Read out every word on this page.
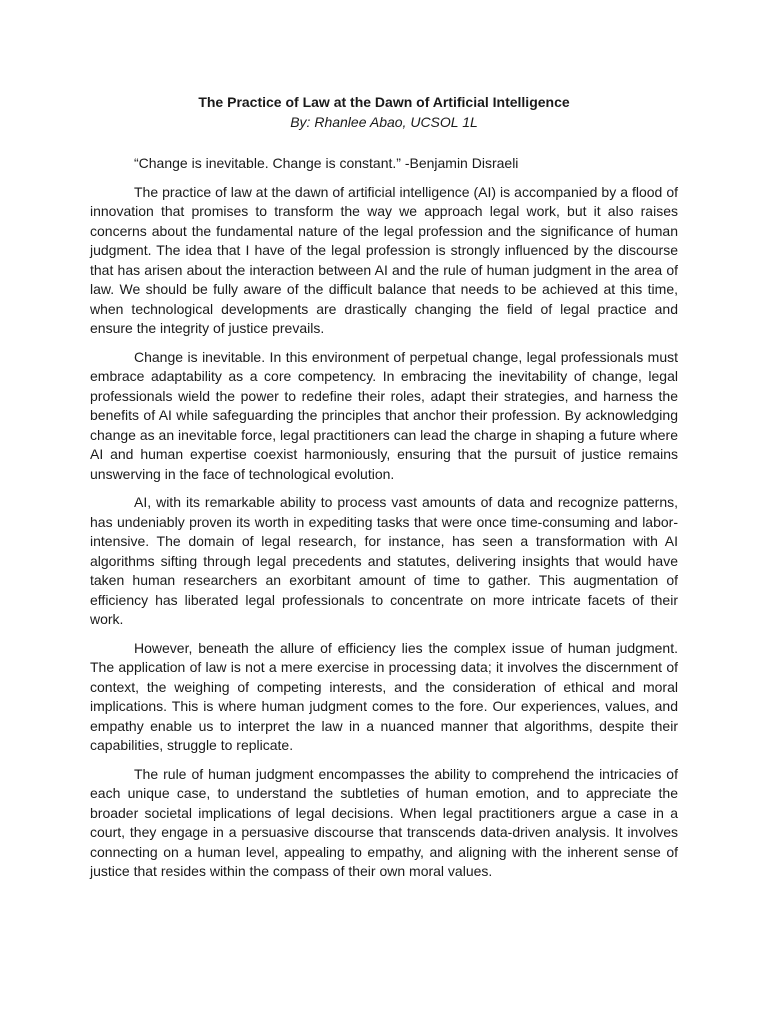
The Practice of Law at the Dawn of Artificial Intelligence

By: Rhanlee Abao, UCSOL 1L

“Change is inevitable. Change is constant.” -Benjamin Disraeli

The practice of law at the dawn of artificial intelligence (AI) is accompanied by a flood of innovation that promises to transform the way we approach legal work, but it also raises concerns about the fundamental nature of the legal profession and the significance of human judgment. The idea that I have of the legal profession is strongly influenced by the discourse that has arisen about the interaction between AI and the rule of human judgment in the area of law. We should be fully aware of the difficult balance that needs to be achieved at this time, when technological developments are drastically changing the field of legal practice and ensure the integrity of justice prevails.

Change is inevitable. In this environment of perpetual change, legal professionals must embrace adaptability as a core competency. In embracing the inevitability of change, legal professionals wield the power to redefine their roles, adapt their strategies, and harness the benefits of AI while safeguarding the principles that anchor their profession. By acknowledging change as an inevitable force, legal practitioners can lead the charge in shaping a future where AI and human expertise coexist harmoniously, ensuring that the pursuit of justice remains unswerving in the face of technological evolution.

AI, with its remarkable ability to process vast amounts of data and recognize patterns, has undeniably proven its worth in expediting tasks that were once time-consuming and labor-intensive. The domain of legal research, for instance, has seen a transformation with AI algorithms sifting through legal precedents and statutes, delivering insights that would have taken human researchers an exorbitant amount of time to gather. This augmentation of efficiency has liberated legal professionals to concentrate on more intricate facets of their work.

However, beneath the allure of efficiency lies the complex issue of human judgment. The application of law is not a mere exercise in processing data; it involves the discernment of context, the weighing of competing interests, and the consideration of ethical and moral implications. This is where human judgment comes to the fore. Our experiences, values, and empathy enable us to interpret the law in a nuanced manner that algorithms, despite their capabilities, struggle to replicate.

The rule of human judgment encompasses the ability to comprehend the intricacies of each unique case, to understand the subtleties of human emotion, and to appreciate the broader societal implications of legal decisions. When legal practitioners argue a case in a court, they engage in a persuasive discourse that transcends data-driven analysis. It involves connecting on a human level, appealing to empathy, and aligning with the inherent sense of justice that resides within the compass of their own moral values.
